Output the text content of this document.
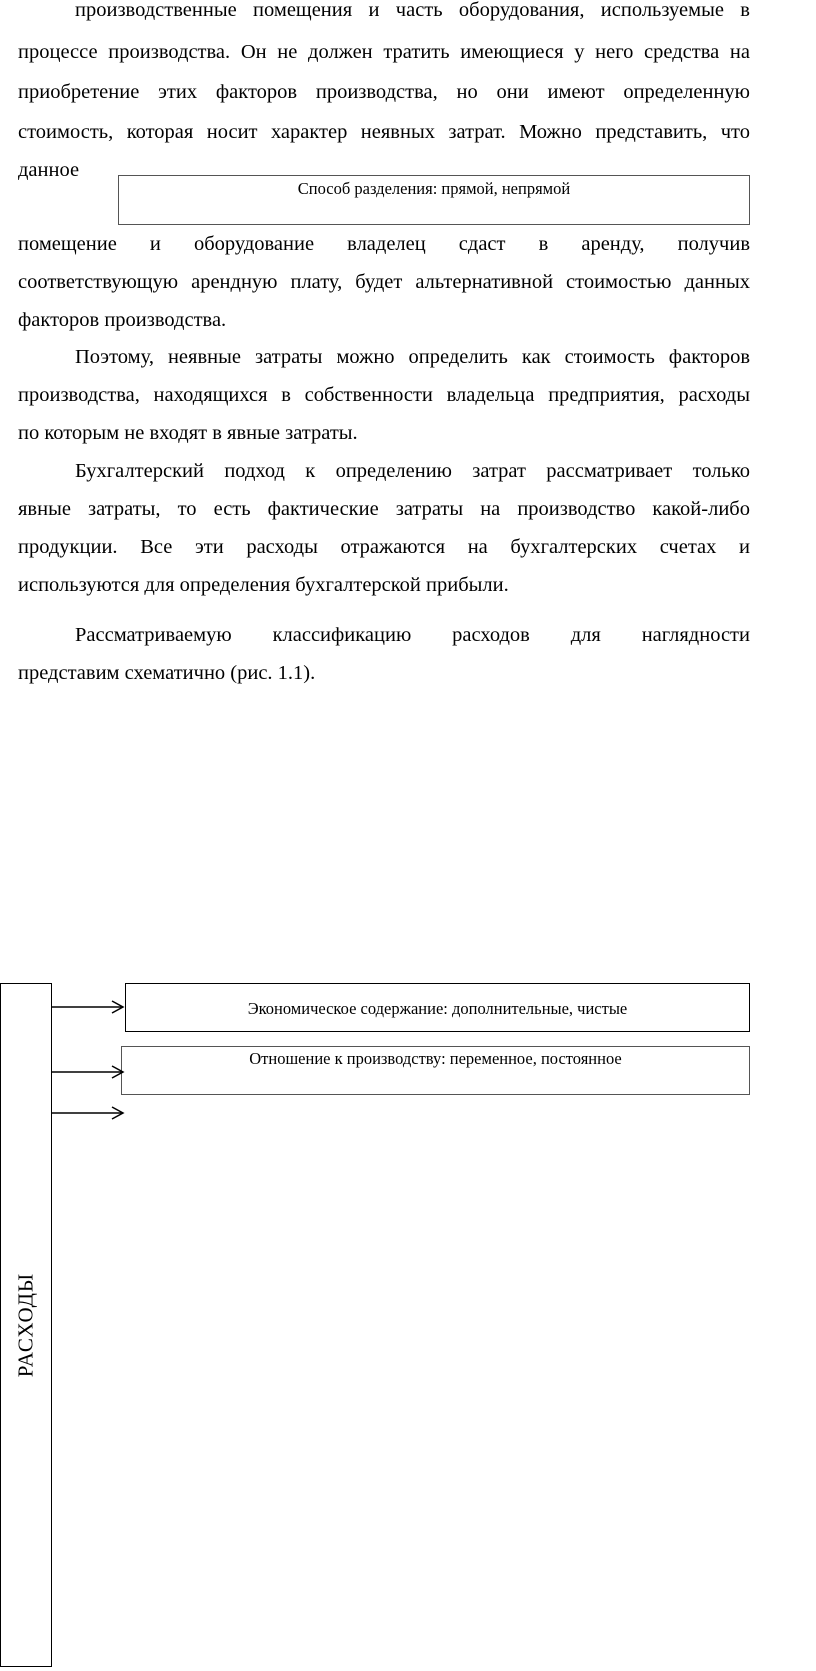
производственные помещения и часть оборудования, используемые в
процессе производства. Он не должен тратить имеющиеся у него средства на
приобретение этих факторов производства, но они имеют определенную
стоимость, которая носит характер неявных затрат. Можно представить, что
данное
Способ разделения: прямой, непрямой
помещение и оборудование владелец сдаст в аренду, получив
соответствующую арендную плату, будет альтернативной стоимостью данных
факторов производства.
Поэтому, неявные затраты можно определить как стоимость факторов
производства, находящихся в собственности владельца предприятия, расходы
по которым не входят в явные затраты.
Бухгалтерский подход к определению затрат рассматривает только
явные затраты, то есть фактические затраты на производство какой-либо
продукции. Все эти расходы отражаются на бухгалтерских счетах и
используются для определения бухгалтерской прибыли.
Рассматриваемую классификацию расходов для наглядности
представим схематично (рис. 1.1).
РАСХОДЫ
Экономическое содержание: дополнительные, чистые
Отношение к производству: переменное, постоянное
